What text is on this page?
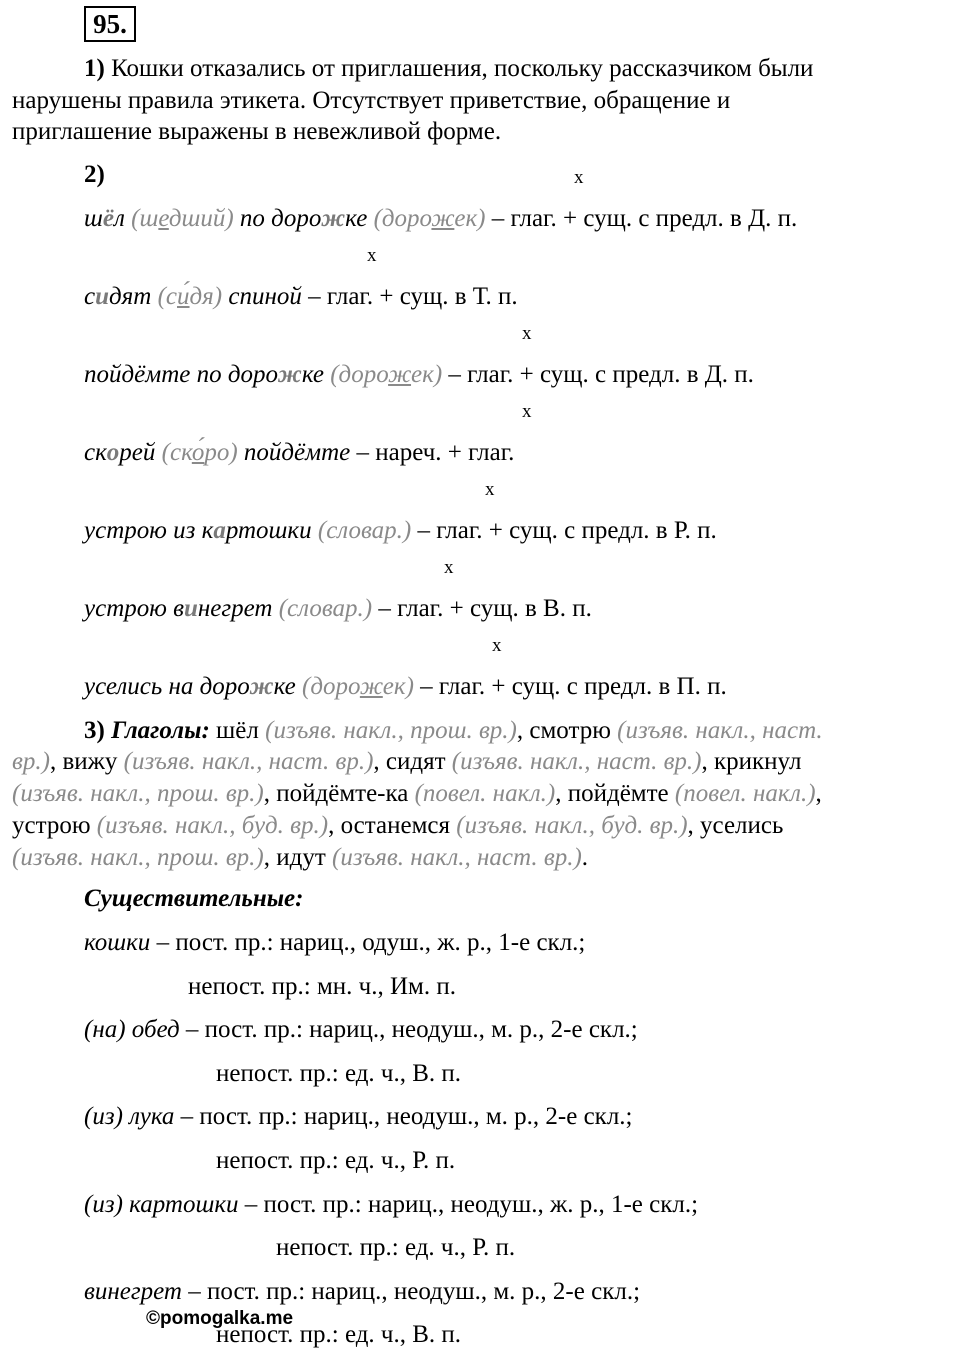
95.
1) Кошки отказались от приглашения, поскольку рассказчиком были
нарушены правила этикета. Отсутствует приветствие, обращение и
приглашение выражены в невежливой форме.
2)	x
шёл (шедший) по дорожке (дорожек) – глаг. + сущ. с предл. в Д. п.
x
сидят (си́дя) спиной – глаг. + сущ. в Т. п.
x
пойдёмте по дорожке (дорожек) – глаг. + сущ. с предл. в Д. п.
x
скорей (ско́ро) пойдёмте – нареч. + глаг.
x
устрою из картошки (словар.) – глаг. + сущ. с предл. в Р. п.
x
устрою винегрет (словар.) – глаг. + сущ. в В. п.
x
уселись на дорожке (дорожек) – глаг. + сущ. с предл. в П. п.
3) Глаголы: шёл (изъяв. накл., прош. вр.), смотрю (изъяв. накл., наст.
вр.), вижу (изъяв. накл., наст. вр.), сидят (изъяв. накл., наст. вр.), крикнул
(изъяв. накл., прош. вр.), пойдёмте-ка (повел. накл.), пойдёмте (повел. накл.),
устрою (изъяв. накл., буд. вр.), останемся (изъяв. накл., буд. вр.), уселись
(изъяв. накл., прош. вр.), идут (изъяв. накл., наст. вр.).
Существительные:
кошки – пост. пр.: нариц., одуш., ж. р., 1-е скл.;
непост. пр.: мн. ч., Им. п.
(на) обед – пост. пр.: нариц., неодуш., м. р., 2-е скл.;
непост. пр.: ед. ч., В. п.
(из) лука – пост. пр.: нариц., неодуш., м. р., 2-е скл.;
непост. пр.: ед. ч., Р. п.
(из) картошки – пост. пр.: нариц., неодуш., ж. р., 1-е скл.;
непост. пр.: ед. ч., Р. п.
винегрет – пост. пр.: нариц., неодуш., м. р., 2-е скл.;
непост. пр.: ед. ч., В. п.
©pomogalka.me
